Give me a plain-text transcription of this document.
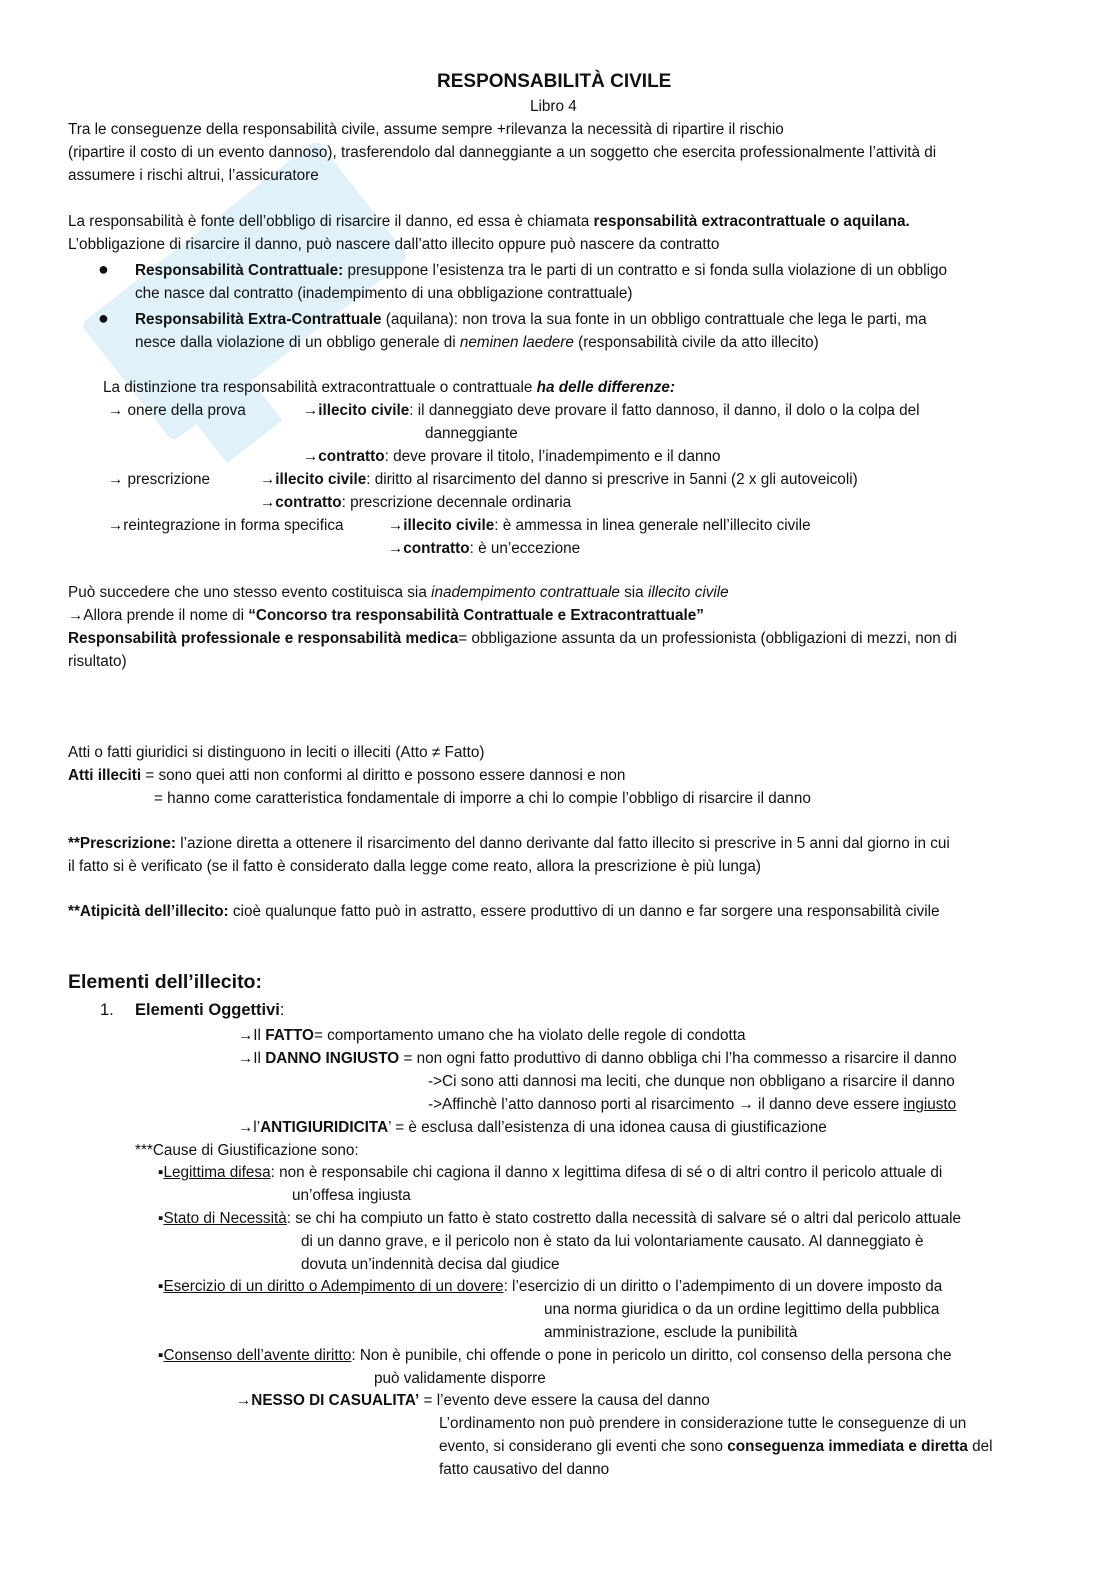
RESPONSABILITÀ CIVILE
Libro 4
Tra le conseguenze della responsabilità civile, assume sempre +rilevanza la necessità di ripartire il rischio
(ripartire il costo di un evento dannoso), trasferendolo dal danneggiante a un soggetto che esercita professionalmente l’attività di
assumere i rischi altrui, l’assicuratore
La responsabilità è fonte dell’obbligo di risarcire il danno, ed essa è chiamata responsabilità extracontrattuale o aquilana.
L’obbligazione di risarcire il danno, può nascere dall’atto illecito oppure può nascere da contratto
● Responsabilità Contrattuale: presuppone l’esistenza tra le parti di un contratto e si fonda sulla violazione di un obbligo
che nasce dal contratto (inadempimento di una obbligazione contrattuale)
● Responsabilità Extra-Contrattuale (aquilana): non trova la sua fonte in un obbligo contrattuale che lega le parti, ma
nesce dalla violazione di un obbligo generale di neminen laedere (responsabilità civile da atto illecito)
La distinzione tra responsabilità extracontrattuale o contrattuale ha delle differenze:
→ onere della prova	→illecito civile: il danneggiato deve provare il fatto dannoso, il danno, il dolo o la colpa del
danneggiante
→contratto: deve provare il titolo, l’inadempimento e il danno
→ prescrizione	→illecito civile: diritto al risarcimento del danno si prescrive in 5anni (2 x gli autoveicoli)
→contratto: prescrizione decennale ordinaria
→reintegrazione in forma specifica	→illecito civile: è ammessa in linea generale nell’illecito civile
→contratto: è un’eccezione
Può succedere che uno stesso evento costituisca sia inadempimento contrattuale sia illecito civile
→Allora prende il nome di “Concorso tra responsabilità Contrattuale e Extracontrattuale”
Responsabilità professionale e responsabilità medica= obbligazione assunta da un professionista (obbligazioni di mezzi, non di
risultato)
Atti o fatti giuridici si distinguono in leciti o illeciti (Atto ≠ Fatto)
Atti illeciti = sono quei atti non conformi al diritto e possono essere dannosi e non
= hanno come caratteristica fondamentale di imporre a chi lo compie l’obbligo di risarcire il danno
**Prescrizione: l’azione diretta a ottenere il risarcimento del danno derivante dal fatto illecito si prescrive in 5 anni dal giorno in cui
il fatto si è verificato (se il fatto è considerato dalla legge come reato, allora la prescrizione è più lunga)
**Atipicità dell’illecito: cioè qualunque fatto può in astratto, essere produttivo di un danno e far sorgere una responsabilità civile
Elementi dell’illecito:
1. Elementi Oggettivi:
→Il FATTO= comportamento umano che ha violato delle regole di condotta
→Il DANNO INGIUSTO = non ogni fatto produttivo di danno obbliga chi l’ha commesso a risarcire il danno
->Ci sono atti dannosi ma leciti, che dunque non obbligano a risarcire il danno
->Affinchè l’atto dannoso porti al risarcimento → il danno deve essere ingiusto
→l’ANTIGIURIDICITA’ = è esclusa dall’esistenza di una idonea causa di giustificazione
***Cause di Giustificazione sono:
▪Legittima difesa: non è responsabile chi cagiona il danno x legittima difesa di sé o di altri contro il pericolo attuale di
un’offesa ingiusta
▪Stato di Necessità: se chi ha compiuto un fatto è stato costretto dalla necessità di salvare sé o altri dal pericolo attuale
di un danno grave, e il pericolo non è stato da lui volontariamente causato. Al danneggiato è
dovuta un’indennità decisa dal giudice
▪Esercizio di un diritto o Adempimento di un dovere: l’esercizio di un diritto o l’adempimento di un dovere imposto da
una norma giuridica o da un ordine legittimo della pubblica
amministrazione, esclude la punibilità
▪Consenso dell’avente diritto: Non è punibile, chi offende o pone in pericolo un diritto, col consenso della persona che
può validamente disporre
→NESSO DI CASUALITA’ = l’evento deve essere la causa del danno
L’ordinamento non può prendere in considerazione tutte le conseguenze di un
evento, si considerano gli eventi che sono conseguenza immediata e diretta del
fatto causativo del danno
